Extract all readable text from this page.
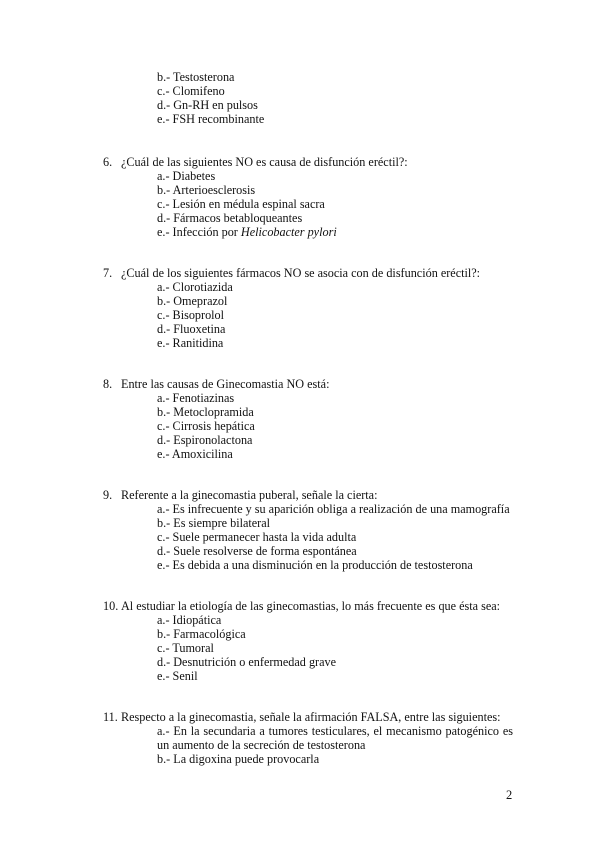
b.- Testosterona
c.- Clomifeno
d.- Gn-RH en pulsos
e.- FSH recombinante
6. ¿Cuál de las siguientes NO es causa de disfunción eréctil?:
a.- Diabetes
b.- Arterioesclerosis
c.- Lesión en médula espinal sacra
d.- Fármacos betabloqueantes
e.- Infección por Helicobacter pylori
7. ¿Cuál de los siguientes fármacos NO se asocia con de disfunción eréctil?:
a.- Clorotiazida
b.- Omeprazol
c.- Bisoprolol
d.- Fluoxetina
e.- Ranitidina
8. Entre las causas de Ginecomastia NO está:
a.- Fenotiazinas
b.- Metoclopramida
c.- Cirrosis hepática
d.- Espironolactona
e.- Amoxicilina
9. Referente a la ginecomastia puberal, señale la cierta:
a.- Es infrecuente y su aparición obliga a realización de una mamografía
b.- Es siempre bilateral
c.- Suele permanecer hasta la vida adulta
d.- Suele resolverse de forma espontánea
e.- Es debida a una disminución en la producción de testosterona
10. Al estudiar la etiología de las ginecomastias, lo más frecuente es que ésta sea:
a.- Idiopática
b.- Farmacológica
c.- Tumoral
d.- Desnutrición o enfermedad grave
e.- Senil
11. Respecto a la ginecomastia, señale la afirmación FALSA, entre las siguientes:
a.- En la secundaria a tumores testiculares, el mecanismo patogénico es un aumento de la secreción de testosterona
b.- La digoxina puede provocarla
2
